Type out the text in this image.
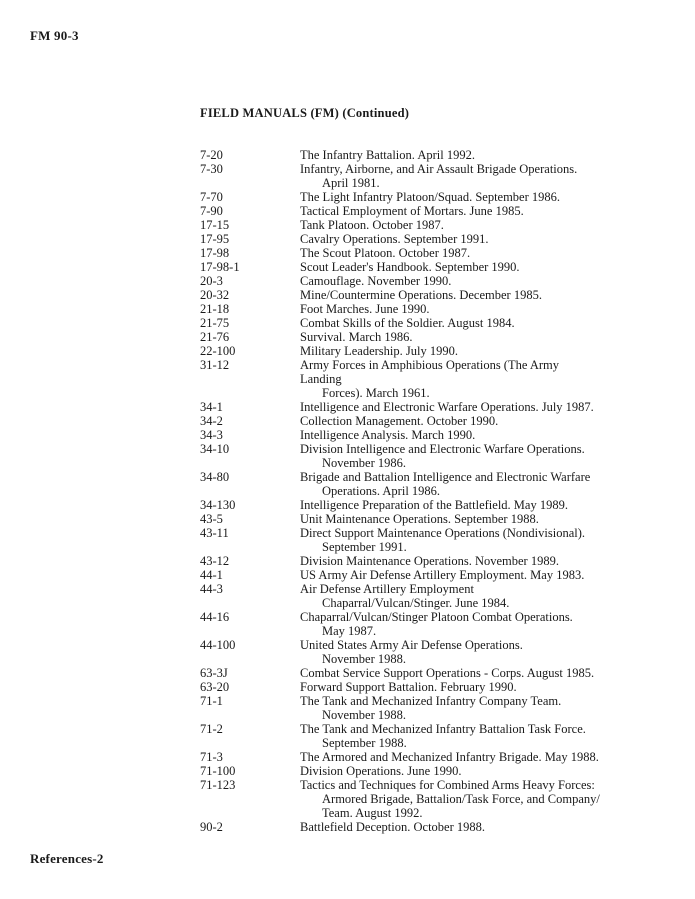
FM 90-3
FIELD MANUALS (FM) (Continued)
7-20	The Infantry Battalion. April 1992.
7-30	Infantry, Airborne, and Air Assault Brigade Operations.
April 1981.
7-70	The Light Infantry Platoon/Squad. September 1986.
7-90	Tactical Employment of Mortars. June 1985.
17-15	Tank Platoon. October 1987.
17-95	Cavalry Operations. September 1991.
17-98	The Scout Platoon. October 1987.
17-98-1	Scout Leader's Handbook. September 1990.
20-3	Camouflage. November 1990.
20-32	Mine/Countermine Operations. December 1985.
21-18	Foot Marches. June 1990.
21-75	Combat Skills of the Soldier. August 1984.
21-76	Survival. March 1986.
22-100	Military Leadership. July 1990.
31-12	Army Forces in Amphibious Operations (The Army Landing
Forces). March 1961.
34-1	Intelligence and Electronic Warfare Operations. July 1987.
34-2	Collection Management. October 1990.
34-3	Intelligence Analysis. March 1990.
34-10	Division Intelligence and Electronic Warfare Operations.
November 1986.
34-80	Brigade and Battalion Intelligence and Electronic Warfare
Operations. April 1986.
34-130	Intelligence Preparation of the Battlefield. May 1989.
43-5	Unit Maintenance Operations. September 1988.
43-11	Direct Support Maintenance Operations (Nondivisional).
September 1991.
43-12	Division Maintenance Operations. November 1989.
44-1	US Army Air Defense Artillery Employment. May 1983.
44-3	Air Defense Artillery Employment
Chaparral/Vulcan/Stinger. June 1984.
44-16	Chaparral/Vulcan/Stinger Platoon Combat Operations.
May 1987.
44-100	United States Army Air Defense Operations.
November 1988.
63-3J	Combat Service Support Operations - Corps. August 1985.
63-20	Forward Support Battalion. February 1990.
71-1	The Tank and Mechanized Infantry Company Team.
November 1988.
71-2	The Tank and Mechanized Infantry Battalion Task Force.
September 1988.
71-3	The Armored and Mechanized Infantry Brigade. May 1988.
71-100	Division Operations. June 1990.
71-123	Tactics and Techniques for Combined Arms Heavy Forces:
Armored Brigade, Battalion/Task Force, and Company/
Team. August 1992.
90-2	Battlefield Deception. October 1988.
References-2
